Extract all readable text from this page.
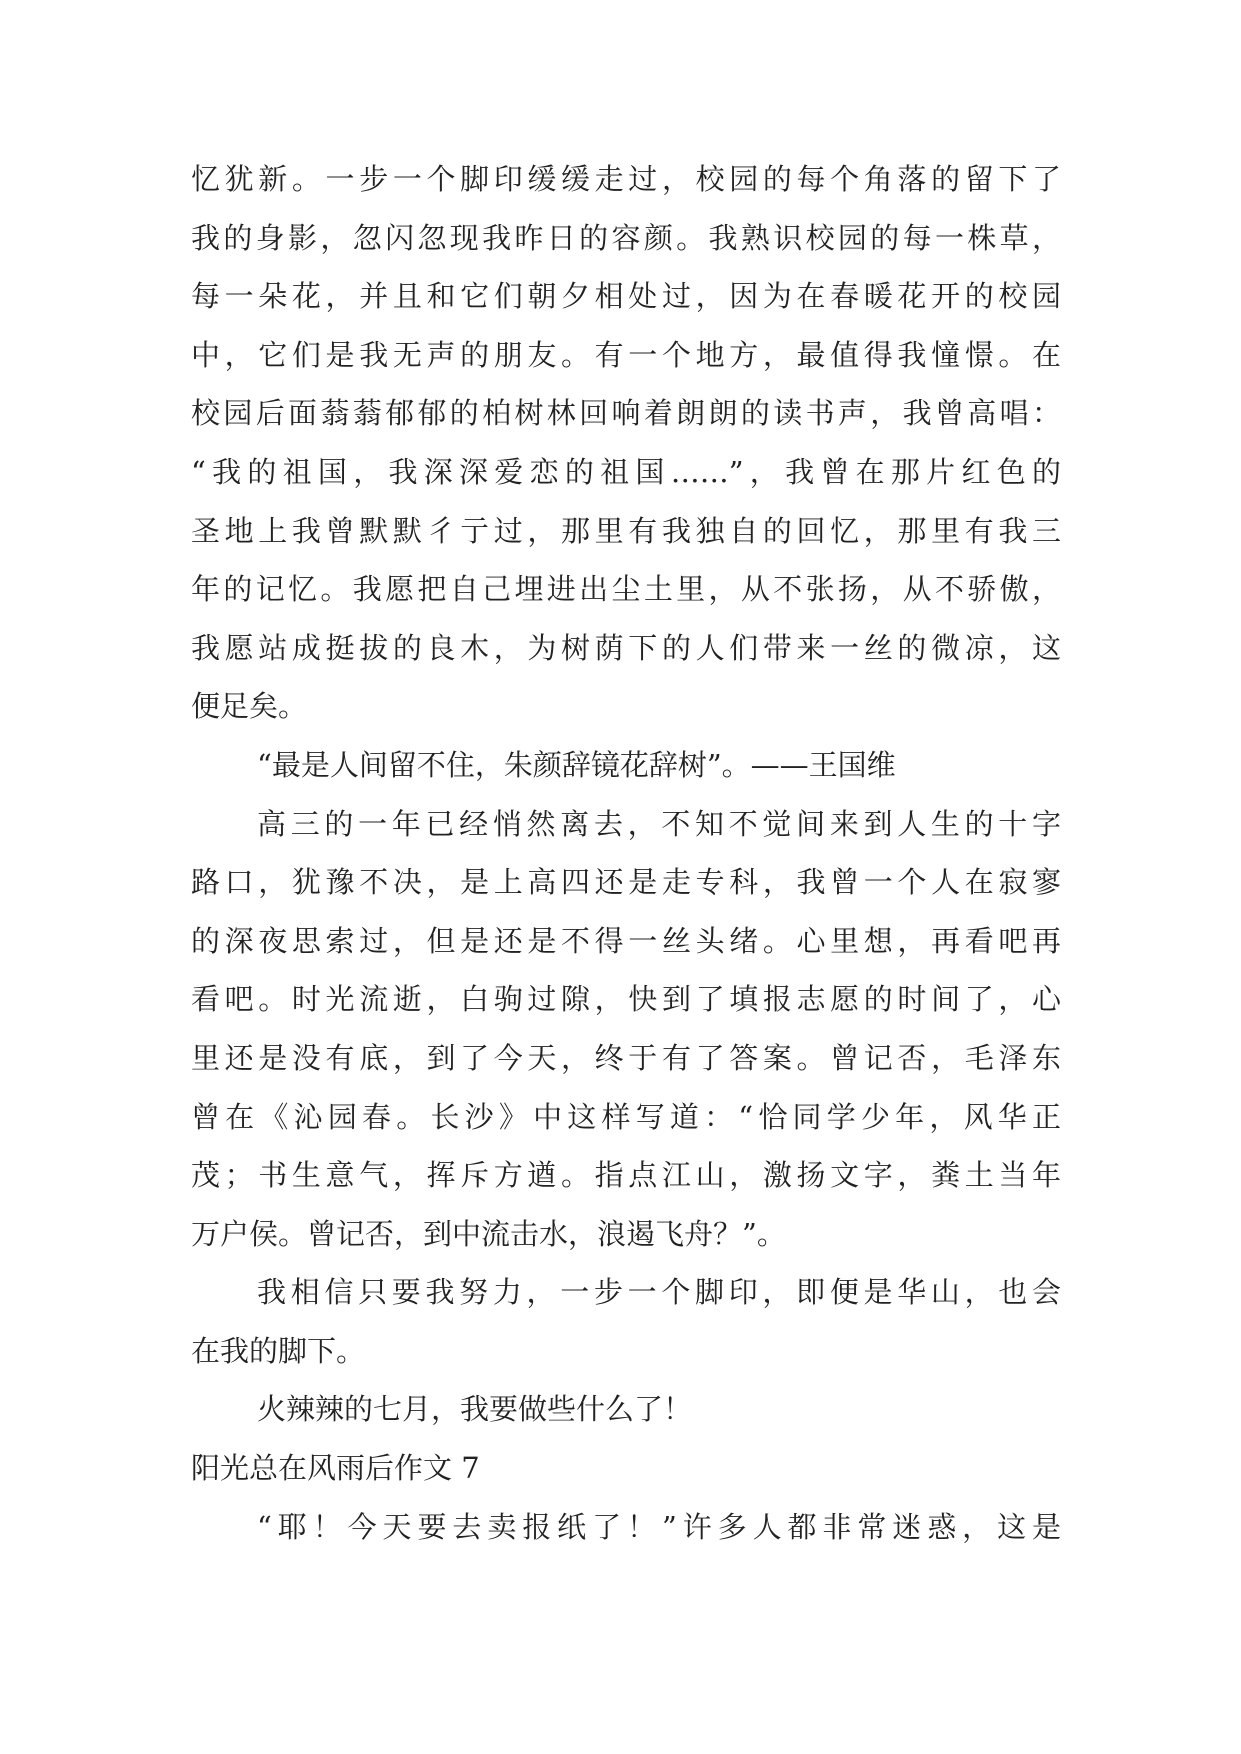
忆犹新。一步一个脚印缓缓走过，校园的每个角落的留下了
我的身影，忽闪忽现我昨日的容颜。我熟识校园的每一株草，
每一朵花，并且和它们朝夕相处过，因为在春暖花开的校园
中，它们是我无声的朋友。有一个地方，最值得我憧憬。在
校园后面蓊蓊郁郁的柏树林回响着朗朗的读书声，我曾高唱：
“我的祖国，我深深爱恋的祖国……”，我曾在那片红色的
圣地上我曾默默彳亍过，那里有我独自的回忆，那里有我三
年的记忆。我愿把自己埋进出尘土里，从不张扬，从不骄傲，
我愿站成挺拔的良木，为树荫下的人们带来一丝的微凉，这
便足矣。
“最是人间留不住，朱颜辞镜花辞树”。——王国维
高三的一年已经悄然离去，不知不觉间来到人生的十字
路口，犹豫不决，是上高四还是走专科，我曾一个人在寂寥
的深夜思索过，但是还是不得一丝头绪。心里想，再看吧再
看吧。时光流逝，白驹过隙，快到了填报志愿的时间了，心
里还是没有底，到了今天，终于有了答案。曾记否，毛泽东
曾在《沁园春。长沙》中这样写道：“恰同学少年，风华正
茂；书生意气，挥斥方遒。指点江山，激扬文字，粪土当年
万户侯。曾记否，到中流击水，浪遏飞舟？”。
我相信只要我努力，一步一个脚印，即便是华山，也会
在我的脚下。
火辣辣的七月，我要做些什么了！
阳光总在风雨后作文 7
“耶！今天要去卖报纸了！”许多人都非常迷惑，这是
